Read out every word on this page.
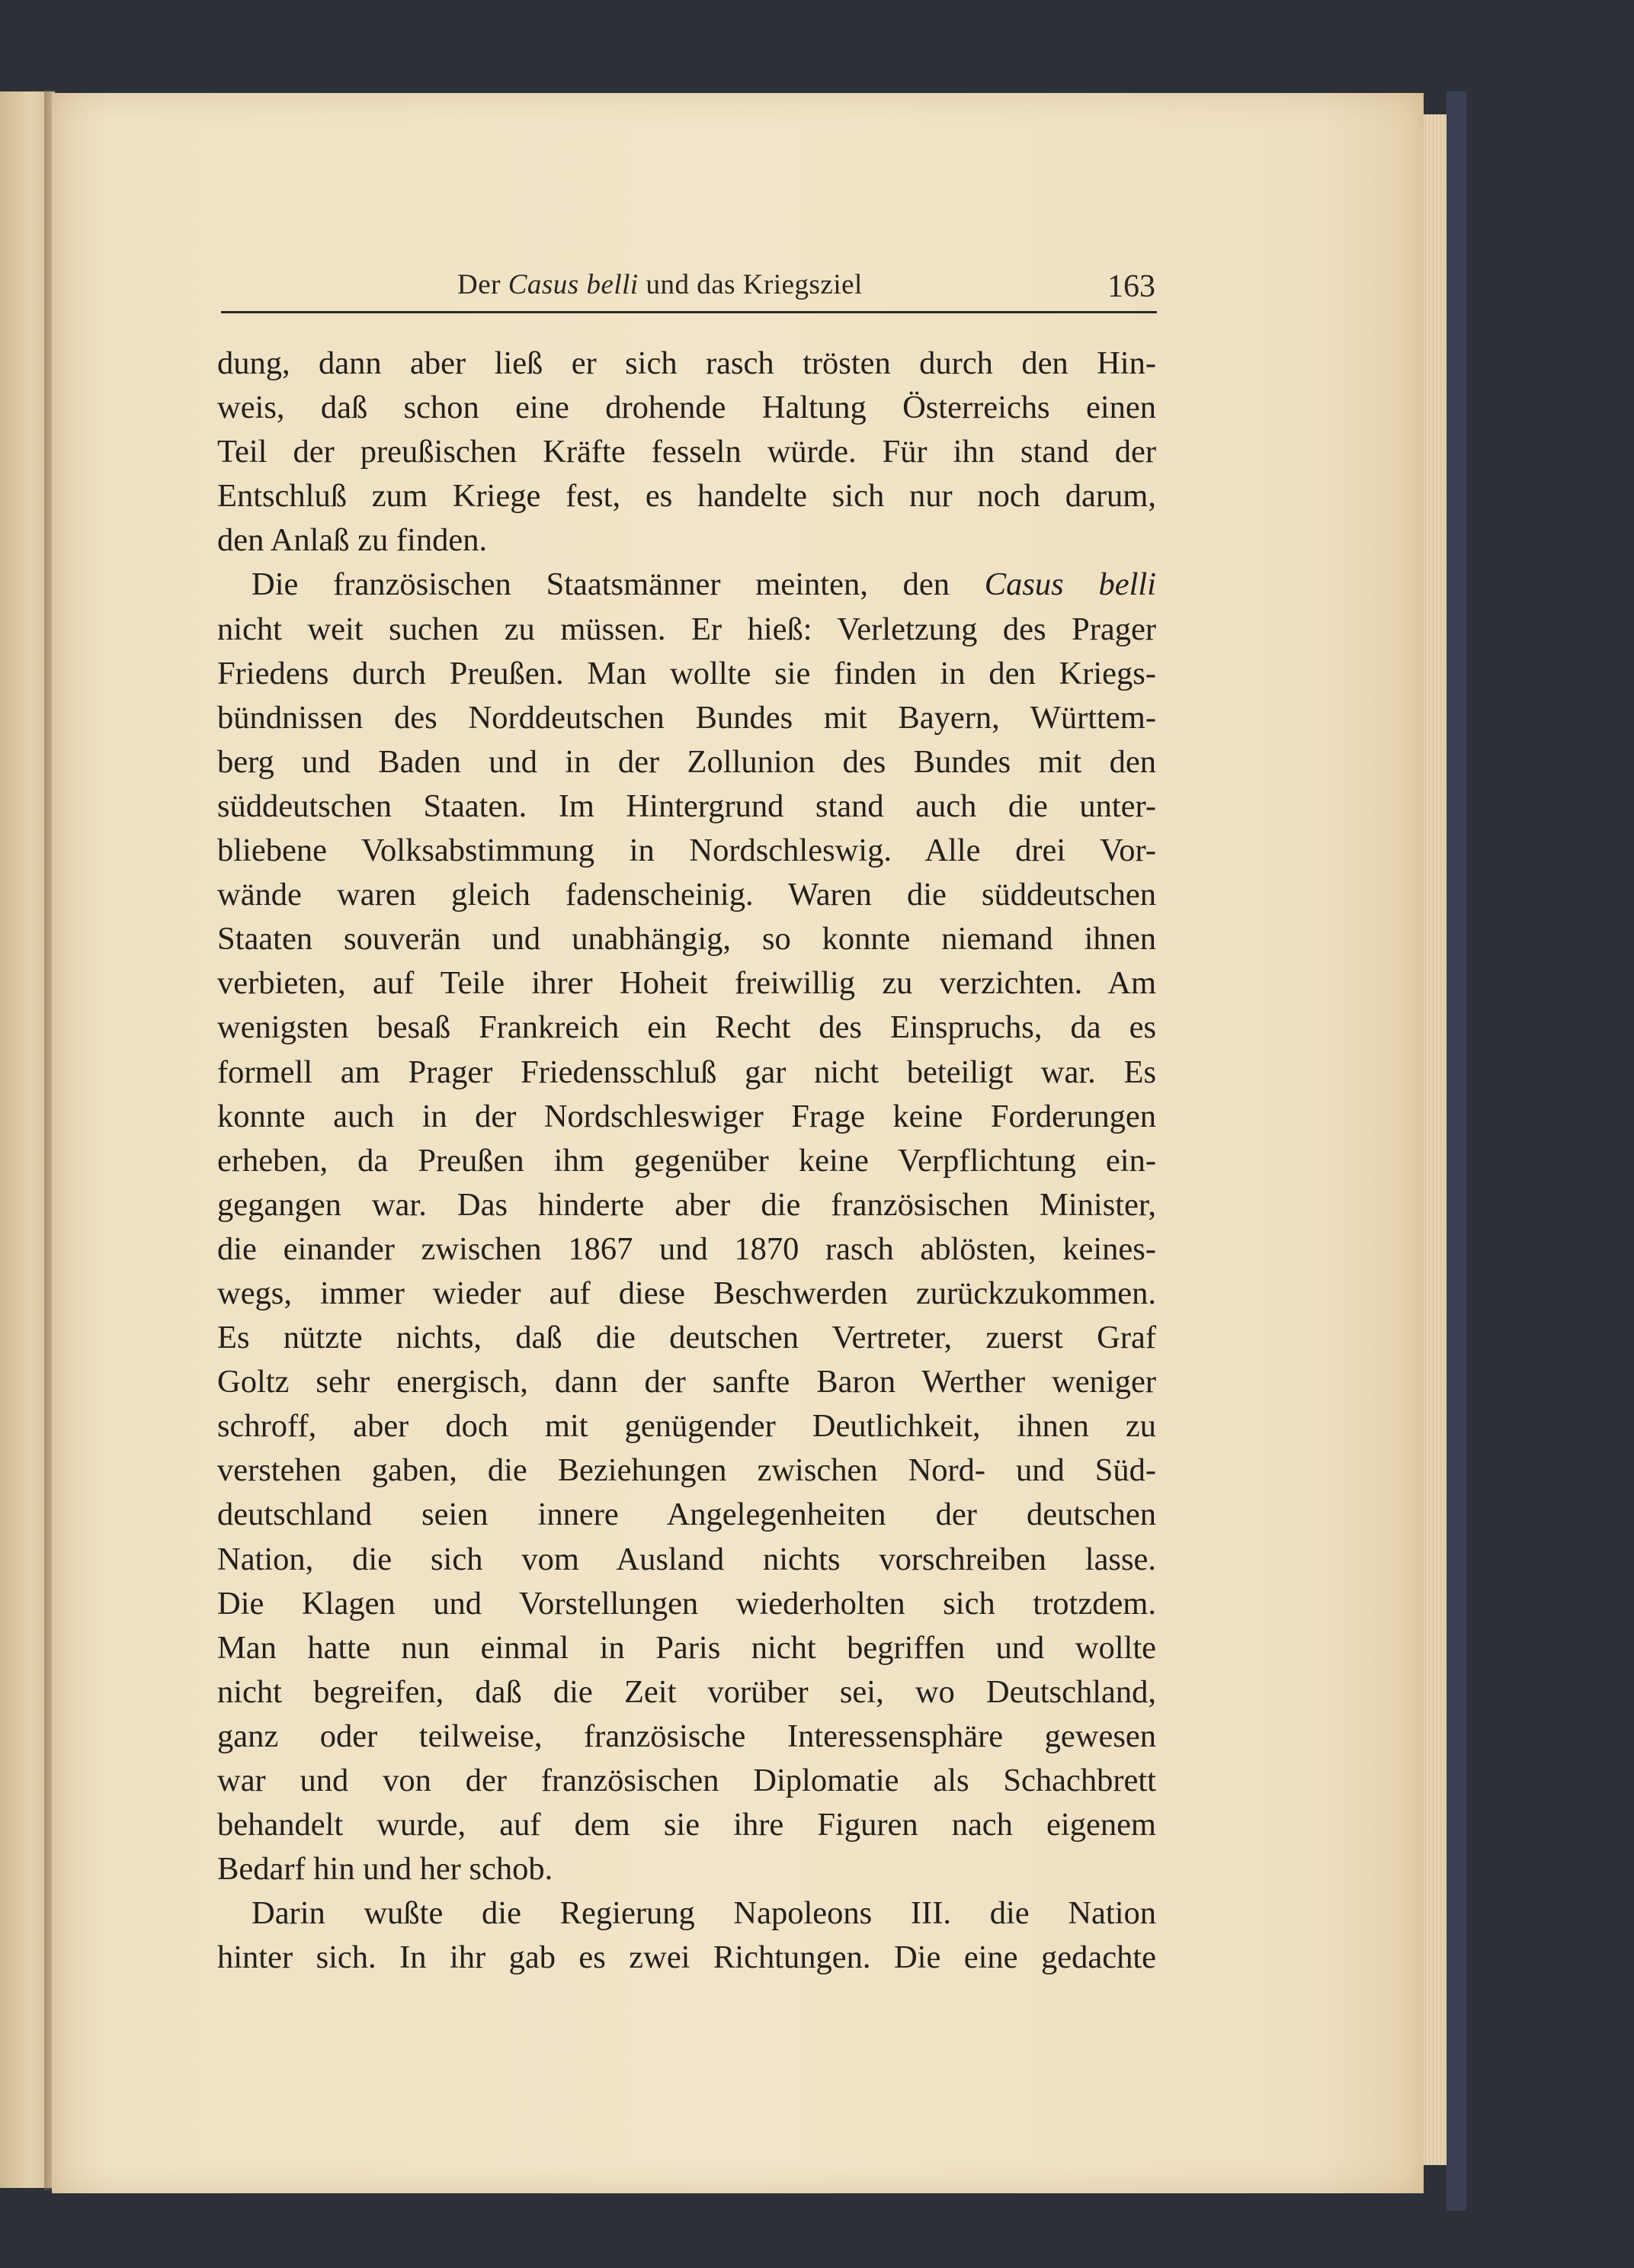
Der Casus belli und das Kriegsziel	163
dung, dann aber ließ er sich rasch trösten durch den Hin-
weis, daß schon eine drohende Haltung Österreichs einen
Teil der preußischen Kräfte fesseln würde. Für ihn stand der
Entschluß zum Kriege fest, es handelte sich nur noch darum,
den Anlaß zu finden.
Die französischen Staatsmänner meinten, den Casus belli
nicht weit suchen zu müssen. Er hieß: Verletzung des Prager
Friedens durch Preußen. Man wollte sie finden in den Kriegs-
bündnissen des Norddeutschen Bundes mit Bayern, Württem-
berg und Baden und in der Zollunion des Bundes mit den
süddeutschen Staaten. Im Hintergrund stand auch die unter-
bliebene Volksabstimmung in Nordschleswig. Alle drei Vor-
wände waren gleich fadenscheinig. Waren die süddeutschen
Staaten souverän und unabhängig, so konnte niemand ihnen
verbieten, auf Teile ihrer Hoheit freiwillig zu verzichten. Am
wenigsten besaß Frankreich ein Recht des Einspruchs, da es
formell am Prager Friedensschluß gar nicht beteiligt war. Es
konnte auch in der Nordschleswiger Frage keine Forderungen
erheben, da Preußen ihm gegenüber keine Verpflichtung ein-
gegangen war. Das hinderte aber die französischen Minister,
die einander zwischen 1867 und 1870 rasch ablösten, keines-
wegs, immer wieder auf diese Beschwerden zurückzukommen.
Es nützte nichts, daß die deutschen Vertreter, zuerst Graf
Goltz sehr energisch, dann der sanfte Baron Werther weniger
schroff, aber doch mit genügender Deutlichkeit, ihnen zu
verstehen gaben, die Beziehungen zwischen Nord- und Süd-
deutschland seien innere Angelegenheiten der deutschen
Nation, die sich vom Ausland nichts vorschreiben lasse.
Die Klagen und Vorstellungen wiederholten sich trotzdem.
Man hatte nun einmal in Paris nicht begriffen und wollte
nicht begreifen, daß die Zeit vorüber sei, wo Deutschland,
ganz oder teilweise, französische Interessensphäre gewesen
war und von der französischen Diplomatie als Schachbrett
behandelt wurde, auf dem sie ihre Figuren nach eigenem
Bedarf hin und her schob.
Darin wußte die Regierung Napoleons III. die Nation
hinter sich. In ihr gab es zwei Richtungen. Die eine gedachte
